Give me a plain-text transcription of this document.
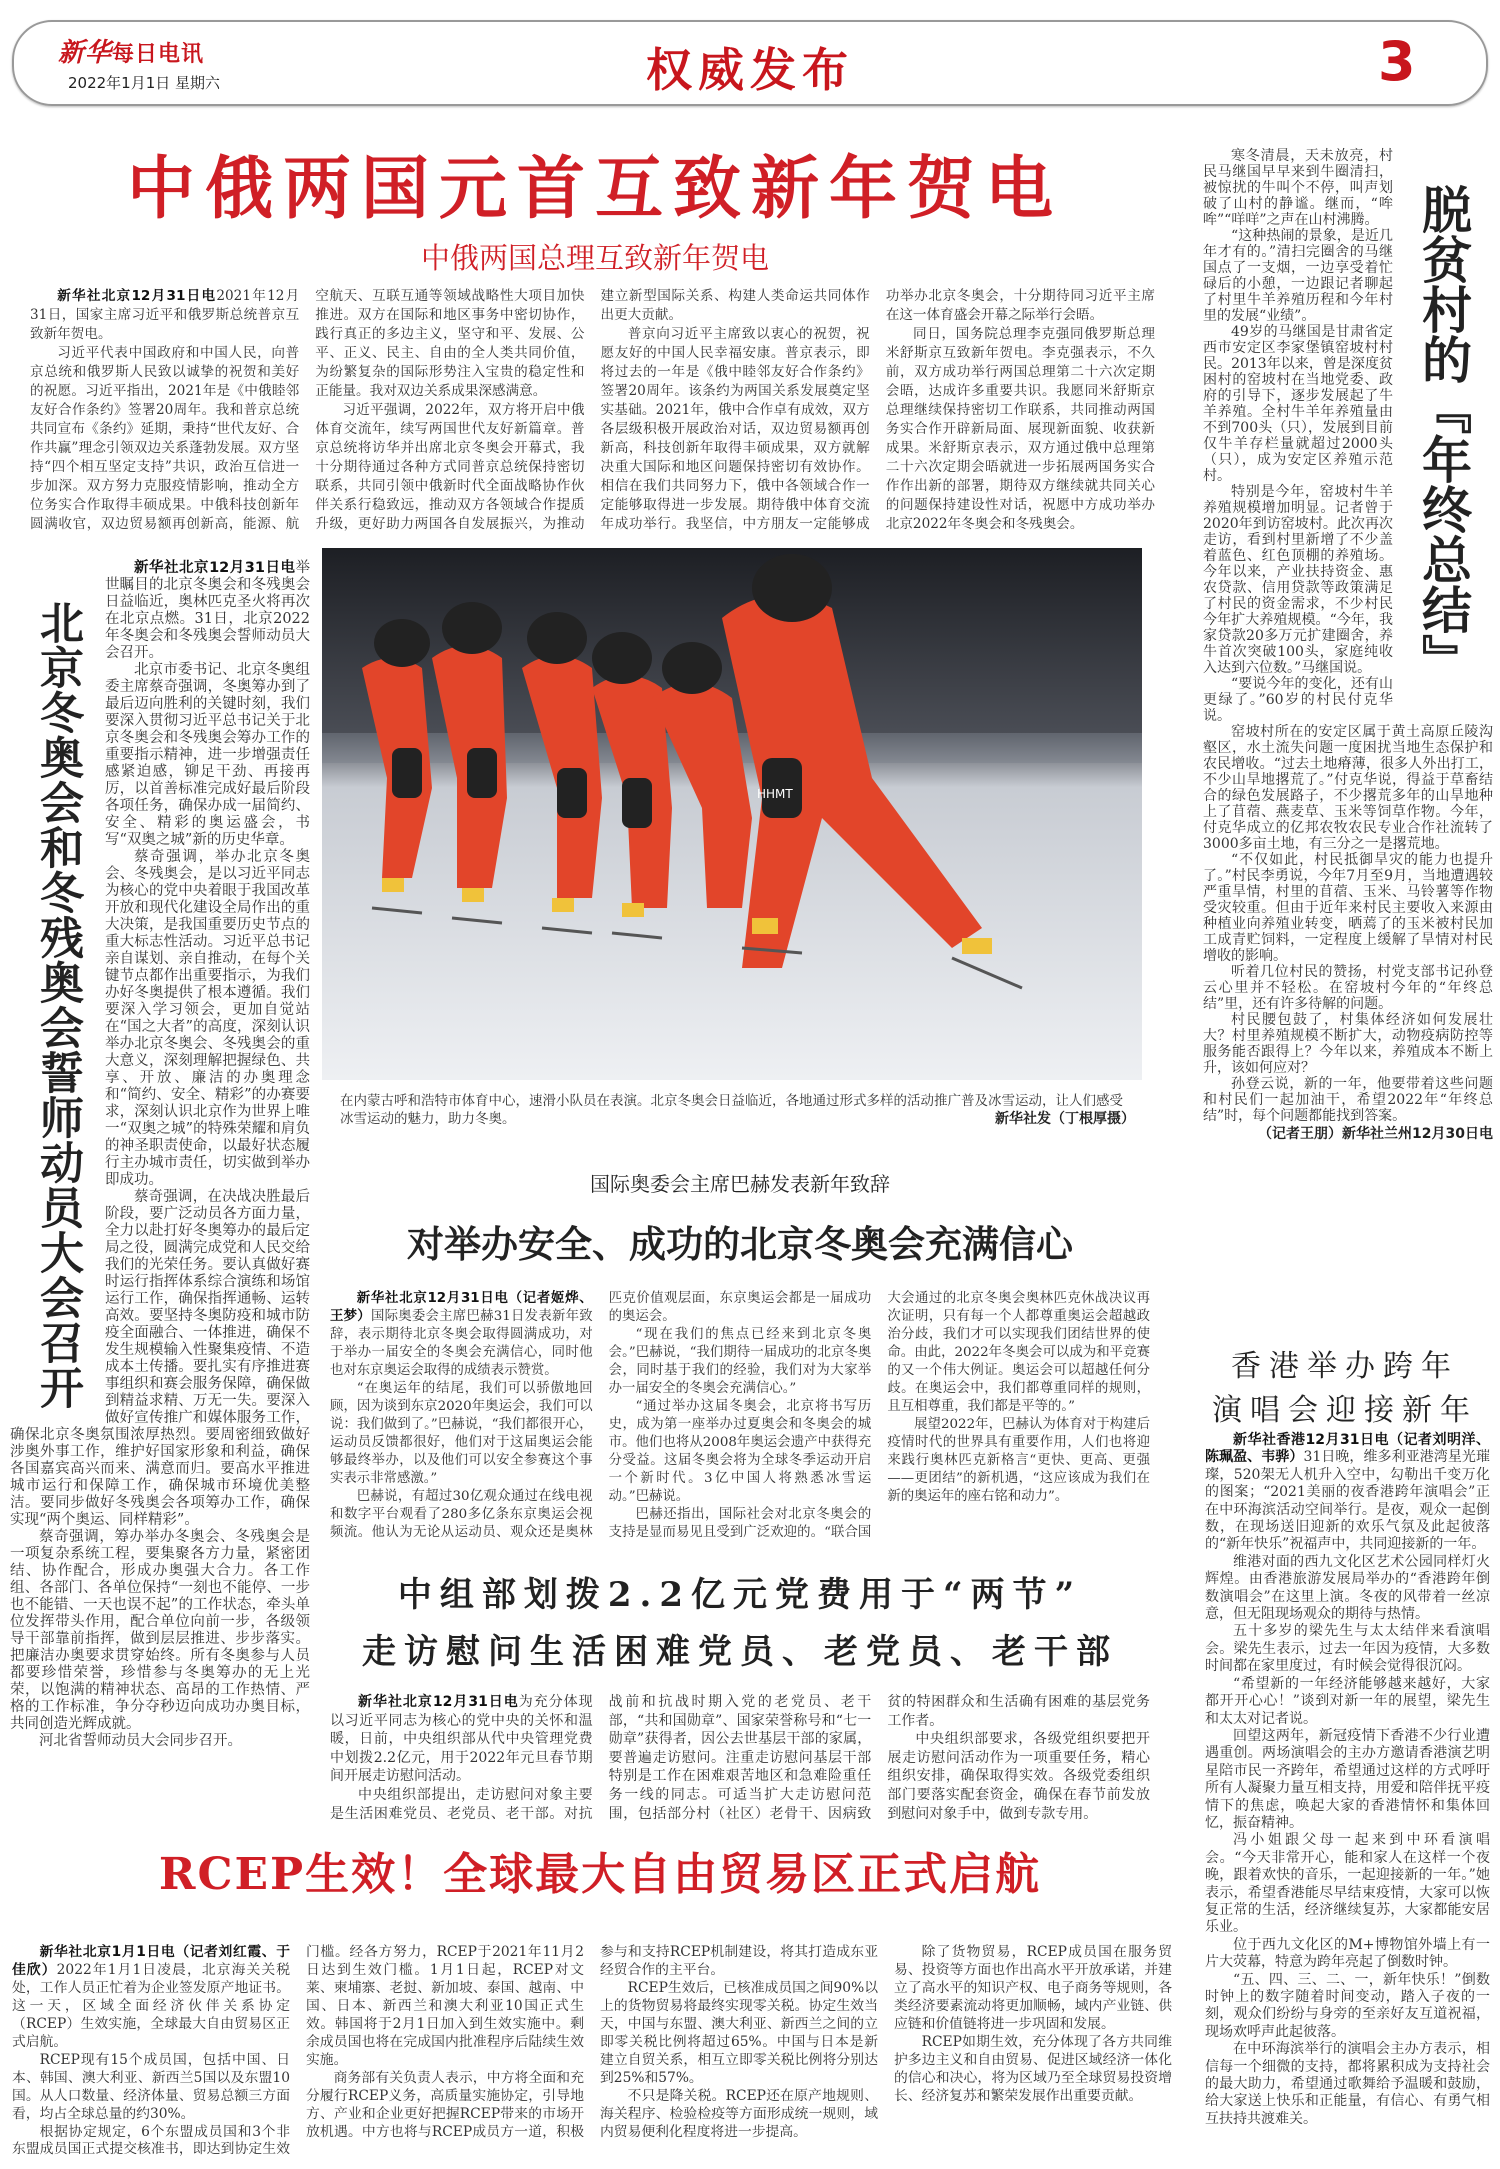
新华每日电讯
2022年1月1日 星期六	权威发布	3
中俄两国元首互致新年贺电
中俄两国总理互致新年贺电

新华社北京12月31日电2021年12月31日，国家主席习近平和俄罗斯总统普京互致新年贺电。

习近平代表中国政府和中国人民，向普京总统和俄罗斯人民致以诚挚的祝贺和美好的祝愿。习近平指出，2021年是《中俄睦邻友好合作条约》签署20周年。我和普京总统共同宣布《条约》延期，秉持“世代友好、合作共赢”理念引领双边关系蓬勃发展。双方坚持“四个相互坚定支持”共识，政治互信进一步加深。双方努力克服疫情影响，推动全方位务实合作取得丰硕成果。中俄科技创新年圆满收官，双边贸易额再创新高，能源、航空航天、互联互通等领域战略性大项目加快推进。双方在国际和地区事务中密切协作，践行真正的多边主义，坚守和平、发展、公平、正义、民主、自由的全人类共同价值，为纷繁复杂的国际形势注入宝贵的稳定性和正能量。我对双边关系成果深感满意。

习近平强调，2022年，双方将开启中俄体育交流年，续写两国世代友好新篇章。普京总统将访华并出席北京冬奥会开幕式，我十分期待通过各种方式同普京总统保持密切联系，共同引领中俄新时代全面战略协作伙伴关系行稳致远，推动双方各领域合作提质升级，更好助力两国各自发展振兴，为推动建立新型国际关系、构建人类命运共同体作出更大贡献。

普京向习近平主席致以衷心的祝贺，祝愿友好的中国人民幸福安康。普京表示，即将过去的一年是《俄中睦邻友好合作条约》签署20周年。该条约为两国关系发展奠定坚实基础。2021年，俄中合作卓有成效，双方各层级积极开展政治对话，双边贸易额再创新高，科技创新年取得丰硕成果，双方就解决重大国际和地区问题保持密切有效协作。相信在我们共同努力下，俄中各领域合作一定能够取得进一步发展。期待俄中体育交流年成功举行。我坚信，中方朋友一定能够成功举办北京冬奥会，十分期待同习近平主席在这一体育盛会开幕之际举行会晤。

同日，国务院总理李克强同俄罗斯总理米舒斯京互致新年贺电。李克强表示，不久前，双方成功举行两国总理第二十六次定期会晤，达成许多重要共识。我愿同米舒斯京总理继续保持密切工作联系，共同推动两国务实合作开辟新局面、展现新面貌、收获新成果。米舒斯京表示，双方通过俄中总理第二十六次定期会晤就进一步拓展两国务实合作作出新的部署，期待双方继续就共同关心的问题保持建设性对话，祝愿中方成功举办北京2022年冬奥会和冬残奥会。

北京冬奥会和冬残奥会誓师动员大会召开

新华社北京12月31日电举世瞩目的北京冬奥会和冬残奥会日益临近，奥林匹克圣火将再次在北京点燃。31日，北京2022年冬奥会和冬残奥会誓师动员大会召开。

北京市委书记、北京冬奥组委主席蔡奇强调，冬奥筹办到了最后迈向胜利的关键时刻，我们要深入贯彻习近平总书记关于北京冬奥会和冬残奥会筹办工作的重要指示精神，进一步增强责任感紧迫感，铆足干劲、再接再厉，以首善标准完成好最后阶段各项任务，确保办成一届简约、安全、精彩的奥运盛会，书写“双奥之城”新的历史华章。

蔡奇强调，举办北京冬奥会、冬残奥会，是以习近平同志为核心的党中央着眼于我国改革开放和现代化建设全局作出的重大决策，是我国重要历史节点的重大标志性活动。习近平总书记亲自谋划、亲自推动，在每个关键节点都作出重要指示，为我们办好冬奥提供了根本遵循。我们要深入学习领会，更加自觉站在“国之大者”的高度，深刻认识举办北京冬奥会、冬残奥会的重大意义，深刻理解把握绿色、共享、开放、廉洁的办奥理念和“简约、安全、精彩”的办赛要求，深刻认识北京作为世界上唯一“双奥之城”的特殊荣耀和肩负的神圣职责使命，以最好状态履行主办城市责任，切实做到举办即成功。

蔡奇强调，在决战决胜最后阶段，要广泛动员各方面力量，全力以赴打好冬奥筹办的最后定局之役，圆满完成党和人民交给我们的光荣任务。要认真做好赛时运行指挥体系综合演练和场馆运行工作，确保指挥通畅、运转高效。要坚持冬奥防疫和城市防疫全面融合、一体推进，确保不发生规模输入性聚集疫情、不造成本土传播。要扎实有序推进赛事组织和赛会服务保障，确保做到精益求精、万无一失。要深入做好宣传推广和媒体服务工作，确保北京冬奥氛围浓厚热烈。要周密细致做好涉奥外事工作，维护好国家形象和利益，确保各国嘉宾高兴而来、满意而归。要高水平推进城市运行和保障工作，确保城市环境优美整洁。要同步做好冬残奥会各项筹办工作，确保实现“两个奥运、同样精彩”。

蔡奇强调，筹办举办冬奥会、冬残奥会是一项复杂系统工程，要集聚各方力量，紧密团结、协作配合，形成办奥强大合力。各工作组、各部门、各单位保持“一刻也不能停、一步也不能错、一天也误不起”的工作状态，牵头单位发挥带头作用，配合单位向前一步，各级领导干部靠前指挥，做到层层推进、步步落实。把廉洁办奥要求贯穿始终。所有冬奥参与人员都要珍惜荣誉，珍惜参与冬奥筹办的无上光荣，以饱满的精神状态、高昂的工作热情、严格的工作标准，争分夺秒迈向成功办奥目标，共同创造光辉成就。

河北省誓师动员大会同步召开。

HHMT
在内蒙古呼和浩特市体育中心，速滑小队员在表演。北京冬奥会日益临近，各地通过形式多样的活动推广普及冰雪运动，让人们感受冰雪运动的魅力，助力冬奥。	新华社发（丁根厚摄）
国际奥委会主席巴赫发表新年致辞
对举办安全、成功的北京冬奥会充满信心

新华社北京12月31日电（记者姬烨、王梦）国际奥委会主席巴赫31日发表新年致辞，表示期待北京冬奥会取得圆满成功，对于举办一届安全的冬奥会充满信心，同时他也对东京奥运会取得的成绩表示赞赏。

“在奥运年的结尾，我们可以骄傲地回顾，因为谈到东京2020年奥运会，我们可以说：我们做到了。”巴赫说，“我们都很开心，运动员反馈都很好，他们对于这届奥运会能够最终举办，以及他们可以安全参赛这个事实表示非常感激。”

巴赫说，有超过30亿观众通过在线电视和数字平台观看了280多亿条东京奥运会视频流。他认为无论从运动员、观众还是奥林匹克价值观层面，东京奥运会都是一届成功的奥运会。

“现在我们的焦点已经来到北京冬奥会。”巴赫说，“我们期待一届成功的北京冬奥会，同时基于我们的经验，我们对为大家举办一届安全的冬奥会充满信心。”

“通过举办这届冬奥会，北京将书写历史，成为第一座举办过夏奥会和冬奥会的城市。他们也将从2008年奥运会遗产中获得充分受益。这届冬奥会将为全球冬季运动开启一个新时代。3亿中国人将熟悉冰雪运动。”巴赫说。

巴赫还指出，国际社会对北京冬奥会的支持是显而易见且受到广泛欢迎的。“联合国大会通过的北京冬奥会奥林匹克休战决议再次证明，只有每一个人都尊重奥运会超越政治分歧，我们才可以实现我们团结世界的使命。由此，2022年冬奥会可以成为和平竞赛的又一个伟大例证。奥运会可以超越任何分歧。在奥运会中，我们都尊重同样的规则，且互相尊重，我们都是平等的。”

展望2022年，巴赫认为体育对于构建后疫情时代的世界具有重要作用，人们也将迎来践行奥林匹克新格言“更快、更高、更强——更团结”的新机遇，“这应该成为我们在新的奥运年的座右铭和动力”。

中组部划拨2.2亿元党费用于“两节”
走访慰问生活困难党员、老党员、老干部

新华社北京12月31日电为充分体现以习近平同志为核心的党中央的关怀和温暖，日前，中央组织部从代中央管理党费中划拨2.2亿元，用于2022年元旦春节期间开展走访慰问活动。

中央组织部提出，走访慰问对象主要是生活困难党员、老党员、老干部。对抗战前和抗战时期入党的老党员、老干部，“共和国勋章”、国家荣誉称号和“七一勋章”获得者，因公去世基层干部的家属，要普遍走访慰问。注重走访慰问基层干部特别是工作在困难艰苦地区和急难险重任务一线的同志。可适当扩大走访慰问范围，包括部分村（社区）老骨干、因病致贫的特困群众和生活确有困难的基层党务工作者。

中央组织部要求，各级党组织要把开展走访慰问活动作为一项重要任务，精心组织安排，确保取得实效。各级党委组织部门要落实配套资金，确保在春节前发放到慰问对象手中，做到专款专用。

RCEP生效！全球最大自由贸易区正式启航

新华社北京1月1日电（记者刘红霞、于佳欣）2022年1月1日凌晨，北京海关关税处，工作人员正忙着为企业签发原产地证书。这一天，区域全面经济伙伴关系协定（RCEP）生效实施，全球最大自由贸易区正式启航。

RCEP现有15个成员国，包括中国、日本、韩国、澳大利亚、新西兰5国以及东盟10国。从人口数量、经济体量、贸易总额三方面看，均占全球总量的约30%。

根据协定规定，6个东盟成员国和3个非东盟成员国正式提交核准书，即达到协定生效门槛。经各方努力，RCEP于2021年11月2日达到生效门槛。1月1日起，RCEP对文莱、柬埔寨、老挝、新加坡、泰国、越南、中国、日本、新西兰和澳大利亚10国正式生效。韩国将于2月1日加入到生效实施中。剩余成员国也将在完成国内批准程序后陆续生效实施。

商务部有关负责人表示，中方将全面和充分履行RCEP义务，高质量实施协定，引导地方、产业和企业更好把握RCEP带来的市场开放机遇。中方也将与RCEP成员方一道，积极参与和支持RCEP机制建设，将其打造成东亚经贸合作的主平台。

RCEP生效后，已核准成员国之间90%以上的货物贸易将最终实现零关税。协定生效当天，中国与东盟、澳大利亚、新西兰之间的立即零关税比例将超过65%。中国与日本是新建立自贸关系，相互立即零关税比例将分别达到25%和57%。

不只是降关税。RCEP还在原产地规则、海关程序、检验检疫等方面形成统一规则，域内贸易便利化程度将进一步提高。

除了货物贸易，RCEP成员国在服务贸易、投资等方面也作出高水平开放承诺，并建立了高水平的知识产权、电子商务等规则，各类经济要素流动将更加顺畅，域内产业链、供应链和价值链将进一步巩固和发展。

RCEP如期生效，充分体现了各方共同维护多边主义和自由贸易、促进区域经济一体化的信心和决心，将为区域乃至全球贸易投资增长、经济复苏和繁荣发展作出重要贡献。

脱贫村的『年终总结』

寒冬清晨，天未放亮，村民马继国早早来到牛圈清扫，被惊扰的牛叫个不停，叫声划破了山村的静谧。继而，“哞哞”“咩咩”之声在山村沸腾。

“这种热闹的景象，是近几年才有的。”清扫完圈舍的马继国点了一支烟，一边享受着忙碌后的小憩，一边跟记者聊起了村里牛羊养殖历程和今年村里的发展“业绩”。

49岁的马继国是甘肃省定西市安定区李家堡镇窑坡村村民。2013年以来，曾是深度贫困村的窑坡村在当地党委、政府的引导下，逐步发展起了牛羊养殖。全村牛羊年养殖量由不到700头（只），发展到目前仅牛羊存栏量就超过2000头（只），成为安定区养殖示范村。

特别是今年，窑坡村牛羊养殖规模增加明显。记者曾于2020年到访窑坡村。此次再次走访，看到村里新增了不少盖着蓝色、红色顶棚的养殖场。今年以来，产业扶持资金、惠农贷款、信用贷款等政策满足了村民的资金需求，不少村民今年扩大养殖规模。“今年，我家贷款20多万元扩建圈舍，养牛首次突破100头，家庭纯收入达到六位数。”马继国说。

“要说今年的变化，还有山更绿了。”60岁的村民付克华说。

窑坡村所在的安定区属于黄土高原丘陵沟壑区，水土流失问题一度困扰当地生态保护和农民增收。“过去土地瘠薄，很多人外出打工，不少山旱地撂荒了。”付克华说，得益于草畜结合的绿色发展路子，不少撂荒多年的山旱地种上了苜蓿、燕麦草、玉米等饲草作物。今年，付克华成立的亿邦农牧农民专业合作社流转了3000多亩土地，有三分之一是撂荒地。

“不仅如此，村民抵御旱灾的能力也提升了。”村民李勇说，今年7月至9月，当地遭遇较严重旱情，村里的苜蓿、玉米、马铃薯等作物受灾较重。但由于近年来村民主要收入来源由种植业向养殖业转变，晒蔫了的玉米被村民加工成青贮饲料，一定程度上缓解了旱情对村民增收的影响。

听着几位村民的赞扬，村党支部书记孙登云心里并不轻松。在窑坡村今年的“年终总结”里，还有许多待解的问题。

村民腰包鼓了，村集体经济如何发展壮大？村里养殖规模不断扩大，动物疫病防控等服务能否跟得上？今年以来，养殖成本不断上升，该如何应对？

孙登云说，新的一年，他要带着这些问题和村民们一起加油干，希望2022年“年终总结”时，每个问题都能找到答案。

（记者王朋）新华社兰州12月30日电
香港举办跨年
演唱会迎接新年

新华社香港12月31日电（记者刘明洋、陈珮盈、韦骅）31日晚，维多利亚港湾星光璀璨，520架无人机升入空中，勾勒出千变万化的图案；“2021美丽的夜香港跨年演唱会”正在中环海滨活动空间举行。是夜，观众一起倒数，在现场送旧迎新的欢乐气氛及此起彼落的“新年快乐”祝福声中，共同迎接新的一年。

维港对面的西九文化区艺术公园同样灯火辉煌。由香港旅游发展局举办的“香港跨年倒数演唱会”在这里上演。冬夜的风带着一丝凉意，但无阻现场观众的期待与热情。

五十多岁的梁先生与太太结伴来看演唱会。梁先生表示，过去一年因为疫情，大多数时间都在家里度过，有时候会觉得很沉闷。

“希望新的一年经济能够越来越好，大家都开开心心！”谈到对新一年的展望，梁先生和太太对记者说。

回望这两年，新冠疫情下香港不少行业遭遇重创。两场演唱会的主办方邀请香港演艺明星陪市民一齐跨年，希望通过这样的方式呼吁所有人凝聚力量互相支持，用爱和陪伴抚平疫情下的焦虑，唤起大家的香港情怀和集体回忆，振奋精神。

冯小姐跟父母一起来到中环看演唱会。“今天非常开心，能和家人在这样一个夜晚，跟着欢快的音乐，一起迎接新的一年。”她表示，希望香港能尽早结束疫情，大家可以恢复正常的生活，经济继续复苏，大家都能安居乐业。

位于西九文化区的M+博物馆外墙上有一片大荧幕，特意为跨年亮起了倒数时钟。

“五、四、三、二、一，新年快乐！”倒数时钟上的数字随着时间变动，踏入子夜的一刻，观众们纷纷与身旁的至亲好友互道祝福，现场欢呼声此起彼落。

在中环海滨举行的演唱会主办方表示，相信每一个细微的支持，都将累积成为支持社会的最大助力，希望通过歌舞给予温暖和鼓励，给大家送上快乐和正能量，有信心、有勇气相互扶持共渡难关。
